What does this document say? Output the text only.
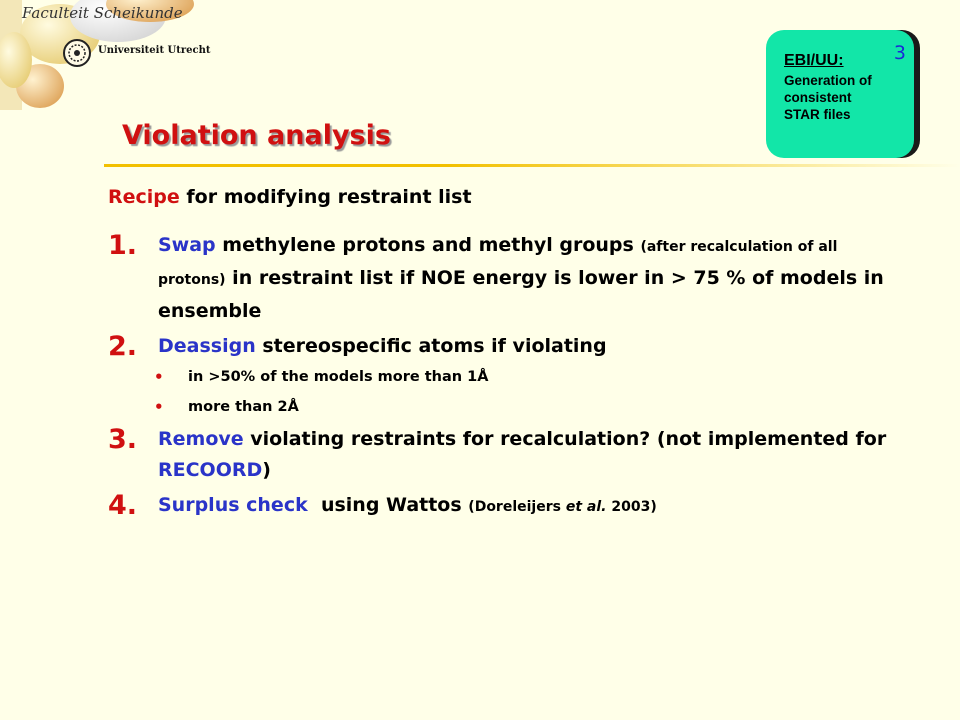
Faculteit Scheikunde
Universiteit Utrecht	3
EBI/UU:
Generation of
consistent
STAR files
Violation analysis
Recipe for modifying restraint list
1. Swap methylene protons and methyl groups (after recalculation of all protons) in restraint list if NOE energy is lower in > 75 % of models in ensemble
2. Deassign stereospecific atoms if violating
• in >50% of the models more than 1Å
• more than 2Å
3. Remove violating restraints for recalculation? (not implemented for RECOORD)
4. Surplus check  using Wattos (Doreleijers et al. 2003)
